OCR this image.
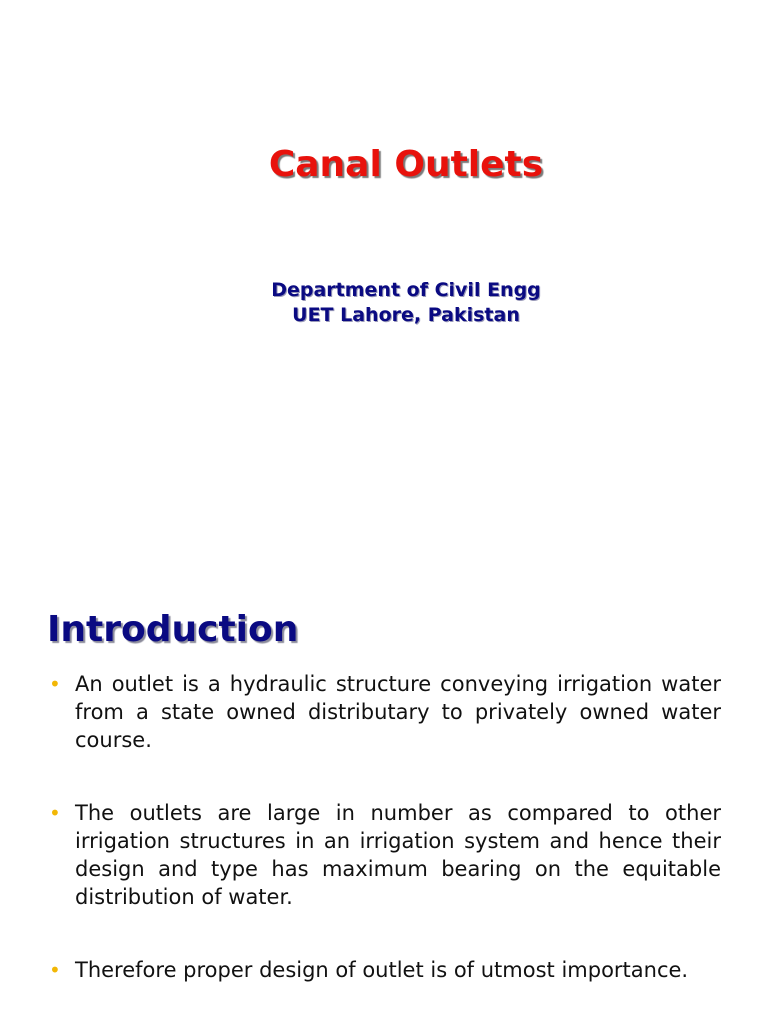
Canal Outlets
Department of Civil Engg
UET Lahore, Pakistan
Introduction
• An outlet is a hydraulic structure conveying irrigation water from a state owned distributary to privately owned water course.
• The outlets are large in number as compared to other irrigation structures in an irrigation system and hence their design and type has maximum bearing on the equitable distribution of water.
• Therefore proper design of outlet is of utmost importance.
